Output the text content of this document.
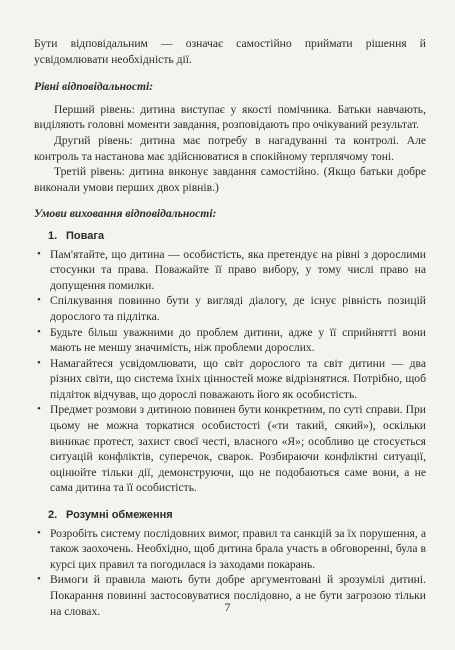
Бути відповідальним — означає самостійно приймати рішення й усвідомлювати необхідність дії.

Рівні відповідальності:

Перший рівень: дитина виступає у якості помічника. Батьки навчають, виділяють головні моменти завдання, розповідають про очікуваний результат.

Другий рівень: дитина має потребу в нагадуванні та контролі. Але контроль та настанова має здійснюватися в спокійному терплячому тоні.

Третій рівень: дитина виконує завдання самостійно. (Якщо батьки добре виконали умови перших двох рівнів.)

Умови виховання відповідальності:

1. Повага
• Пам'ятайте, що дитина — особистість, яка претендує на рівні з дорослими стосунки та права. Поважайте її право вибору, у тому числі право на допущення помилки.
• Спілкування повинно бути у вигляді діалогу, де існує рівність позицій дорослого та підлітка.
• Будьте більш уважними до проблем дитини, адже у її сприйнятті вони мають не меншу значимість, ніж проблеми дорослих.
• Намагайтеся усвідомлювати, що світ дорослого та світ дитини — два різних світи, що система їхніх цінностей може відрізнятися. Потрібно, щоб підліток відчував, що дорослі поважають його як особистість.
• Предмет розмови з дитиною повинен бути конкретним, по суті справи. При цьому не можна торкатися особистості («ти такий, сякий»), оскільки виникає протест, захист своєї честі, власного «Я»; особливо це стосується ситуацій конфліктів, суперечок, сварок. Розбираючи конфліктні ситуації, оцінюйте тільки дії, демонструючи, що не подобаються саме вони, а не сама дитина та її особистість.
2. Розумні обмеження
• Розробіть систему послідовних вимог, правил та санкцій за їх порушення, а також заохочень. Необхідно, щоб дитина брала участь в обговоренні, була в курсі цих правил та погодилася із заходами покарань.
• Вимоги й правила мають бути добре аргументовані й зрозумілі дитині. Покарання повинні застосовуватися послідовно, а не бути загрозою тільки на словах.	7
